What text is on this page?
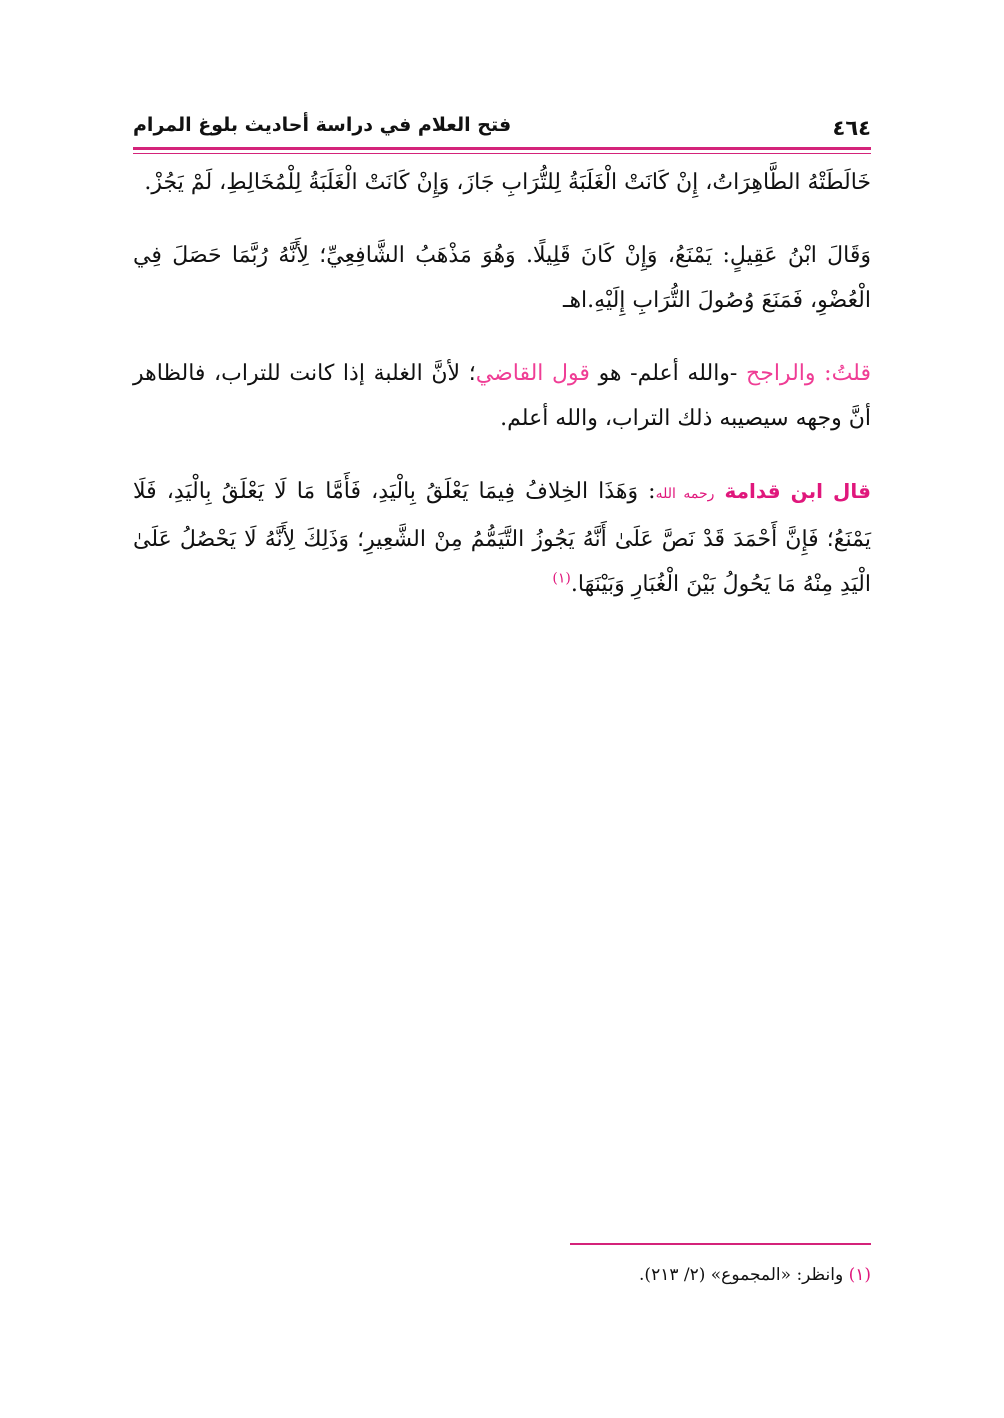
٤٦٤
فتح العلام في دراسة أحاديث بلوغ المرام

خَالَطَتْهُ الطَّاهِرَاتُ، إِنْ كَانَتْ الْغَلَبَةُ لِلتُّرَابِ جَازَ، وَإِنْ كَانَتْ الْغَلَبَةُ لِلْمُخَالِطِ، لَمْ يَجُزْ.

وَقَالَ ابْنُ عَقِيلٍ: يَمْنَعُ، وَإِنْ كَانَ قَلِيلًا. وَهُوَ مَذْهَبُ الشَّافِعِيِّ؛ لِأَنَّهُ رُبَّمَا حَصَلَ فِي الْعُضْوِ، فَمَنَعَ وُصُولَ التُّرَابِ إِلَيْهِ.اهـ

قلتُ: والراجح -والله أعلم- هو قول القاضي؛ لأنَّ الغلبة إذا كانت للتراب، فالظاهر أنَّ وجهه سيصيبه ذلك التراب، والله أعلم.

قال ابن قدامة رحمه الله: وَهَذَا الخِلافُ فِيمَا يَعْلَقُ بِالْيَدِ، فَأَمَّا مَا لَا يَعْلَقُ بِالْيَدِ، فَلَا يَمْنَعُ؛ فَإِنَّ أَحْمَدَ قَدْ نَصَّ عَلَىٰ أَنَّهُ يَجُوزُ التَّيَمُّمُ مِنْ الشَّعِيرِ؛ وَذَلِكَ لِأَنَّهُ لَا يَحْصُلُ عَلَىٰ الْيَدِ مِنْهُ مَا يَحُولُ بَيْنَ الْغُبَارِ وَبَيْنَهَا.$^{(١)}$

(١) وانظر: «المجموع» (٢/ ٢١٣).
